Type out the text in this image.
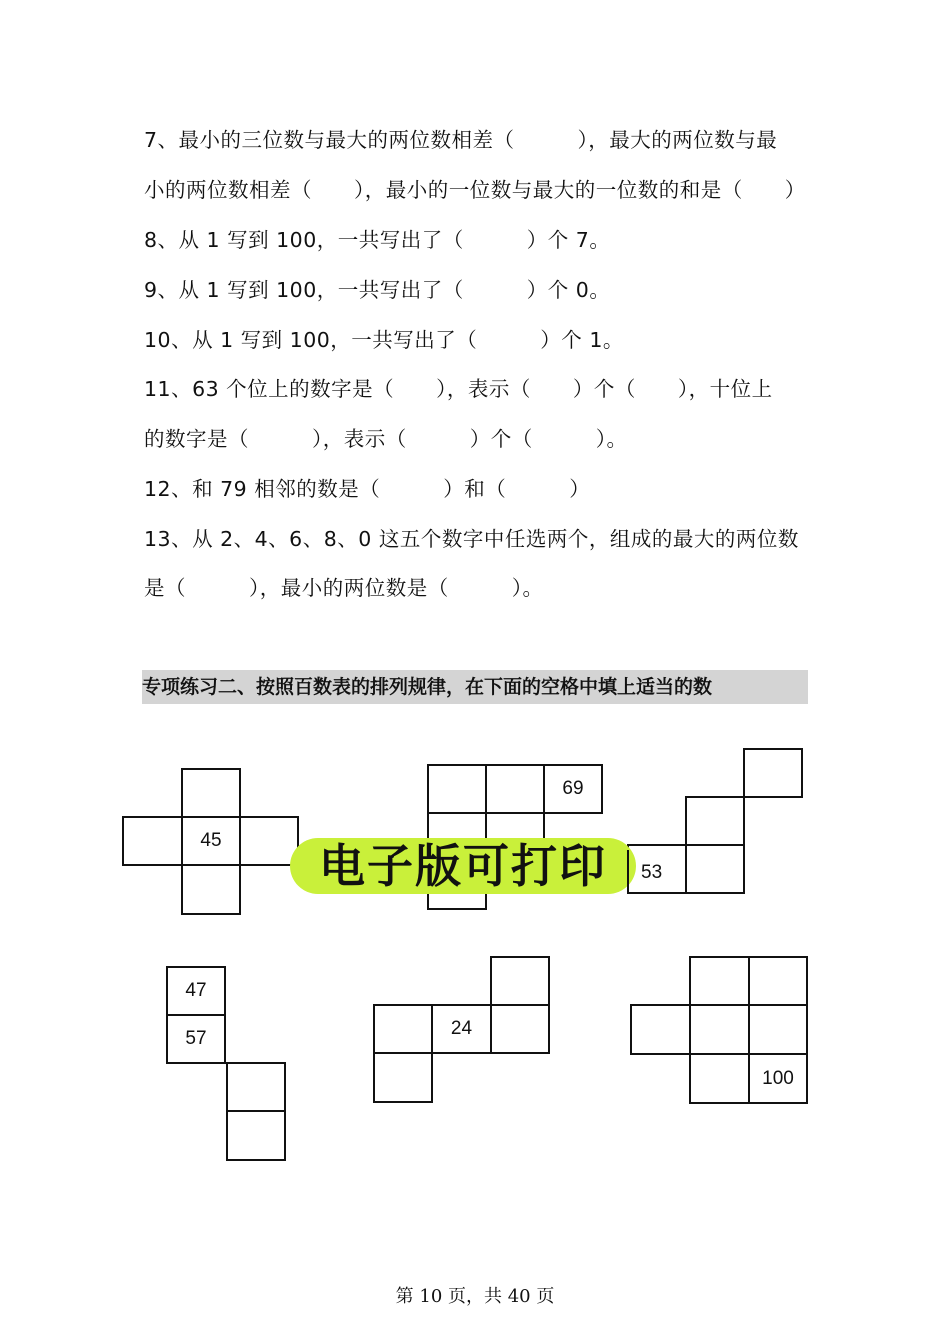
7、最小的三位数与最大的两位数相差（　　　），最大的两位数与最
小的两位数相差（　　），最小的一位数与最大的一位数的和是（　　）
8、从 1 写到 100，一共写出了（　　　）个 7。
9、从 1 写到 100，一共写出了（　　　）个 0。
10、从 1 写到 100，一共写出了（　　　）个 1。
11、63 个位上的数字是（　　），表示（　　）个（　　），十位上
的数字是（　　　），表示（　　　）个（　　　）。
12、和 79 相邻的数是（　　　）和（　　　）
13、从 2、4、6、8、0 这五个数字中任选两个，组成的最大的两位数
是（　　　），最小的两位数是（　　　）。
专项练习二、按照百数表的排列规律，在下面的空格中填上适当的数
45
69
电子版可打印	53
47
57	24
100
第 10 页，共 40 页
